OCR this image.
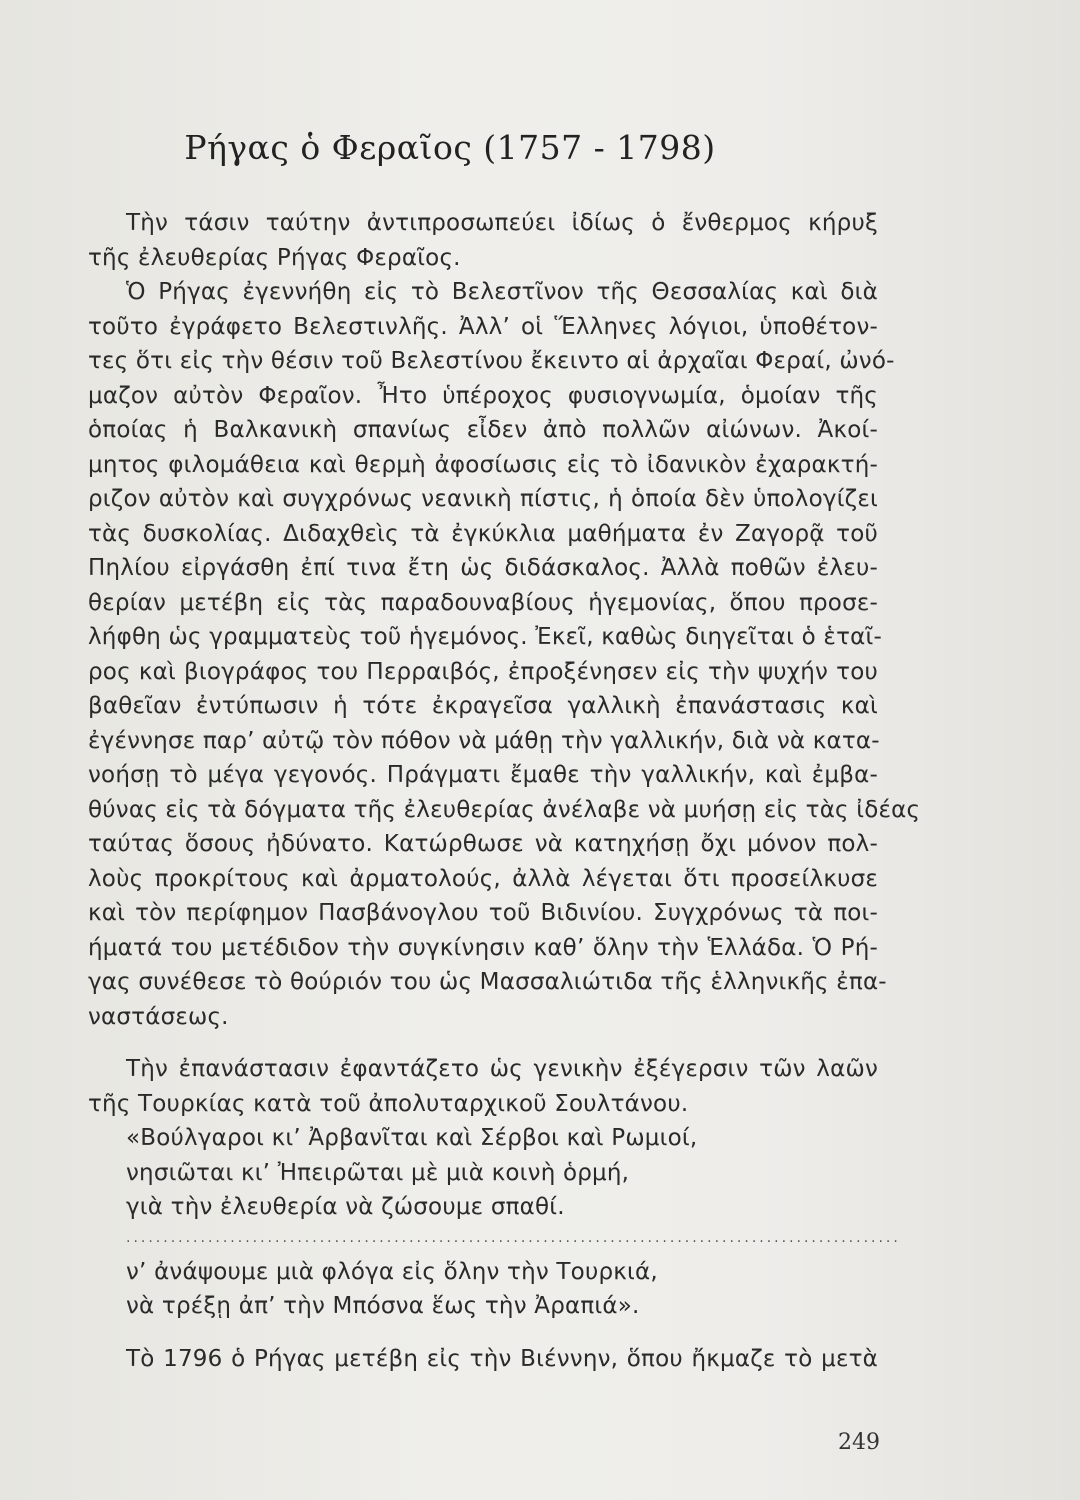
Ρήγας ὁ Φεραῖος (1757 - 1798)
Τὴν τάσιν ταύτην ἀντιπροσωπεύει ἰδίως ὁ ἔνθερμος κήρυξ
τῆς ἐλευθερίας Ρήγας Φεραῖος.
Ὁ Ρήγας ἐγεννήθη εἰς τὸ Βελεστῖνον τῆς Θεσσαλίας καὶ διὰ
τοῦτο ἐγράφετο Βελεστινλῆς. Ἀλλ’ οἱ Ἕλληνες λόγιοι, ὑποθέτον-
τες ὅτι εἰς τὴν θέσιν τοῦ Βελεστίνου ἔκειντο αἱ ἀρχαῖαι Φεραί, ὠνό-
μαζον αὐτὸν Φεραῖον. Ἦτο ὑπέροχος φυσιογνωμία, ὁμοίαν τῆς
ὁποίας ἡ Βαλκανικὴ σπανίως εἶδεν ἀπὸ πολλῶν αἰώνων. Ἀκοί-
μητος φιλομάθεια καὶ θερμὴ ἀφοσίωσις εἰς τὸ ἰδανικὸν ἐχαρακτή-
ριζον αὐτὸν καὶ συγχρόνως νεανικὴ πίστις, ἡ ὁποία δὲν ὑπολογίζει
τὰς δυσκολίας. Διδαχθεὶς τὰ ἐγκύκλια μαθήματα ἐν Ζαγορᾷ τοῦ
Πηλίου εἰργάσθη ἐπί τινα ἔτη ὡς διδάσκαλος. Ἀλλὰ ποθῶν ἐλευ-
θερίαν μετέβη εἰς τὰς παραδουναβίους ἡγεμονίας, ὅπου προσε-
λήφθη ὡς γραμματεὺς τοῦ ἡγεμόνος. Ἐκεῖ, καθὼς διηγεῖται ὁ ἑταῖ-
ρος καὶ βιογράφος του Περραιβός, ἐπροξένησεν εἰς τὴν ψυχήν του
βαθεῖαν ἐντύπωσιν ἡ τότε ἐκραγεῖσα γαλλικὴ ἐπανάστασις καὶ
ἐγέννησε παρ’ αὐτῷ τὸν πόθον νὰ μάθῃ τὴν γαλλικήν, διὰ νὰ κατα-
νοήσῃ τὸ μέγα γεγονός. Πράγματι ἔμαθε τὴν γαλλικήν, καὶ ἐμβα-
θύνας εἰς τὰ δόγματα τῆς ἐλευθερίας ἀνέλαβε νὰ μυήσῃ εἰς τὰς ἰδέας
ταύτας ὅσους ἠδύνατο. Κατώρθωσε νὰ κατηχήσῃ ὄχι μόνον πολ-
λοὺς προκρίτους καὶ ἀρματολούς, ἀλλὰ λέγεται ὅτι προσείλκυσε
καὶ τὸν περίφημον Πασβάνογλου τοῦ Βιδινίου. Συγχρόνως τὰ ποι-
ήματά του μετέδιδον τὴν συγκίνησιν καθ’ ὅλην τὴν Ἑλλάδα. Ὁ Ρή-
γας συνέθεσε τὸ θούριόν του ὡς Μασσαλιώτιδα τῆς ἑλληνικῆς ἐπα-
ναστάσεως.
Τὴν ἐπανάστασιν ἐφαντάζετο ὡς γενικὴν ἐξέγερσιν τῶν λαῶν
τῆς Τουρκίας κατὰ τοῦ ἀπολυταρχικοῦ Σουλτάνου.
«Βούλγαροι κι’ Ἀρβανῖται καὶ Σέρβοι καὶ Ρωμιοί,
νησιῶται κι’ Ἠπειρῶται μὲ μιὰ κοινὴ ὁρμή,
γιὰ τὴν ἐλευθερία νὰ ζώσουμε σπαθί.
........................................................................................................
ν’ ἀνάψουμε μιὰ φλόγα εἰς ὅλην τὴν Τουρκιά,
νὰ τρέξῃ ἀπ’ τὴν Μπόσνα ἕως τὴν Ἀραπιά».
Τὸ 1796 ὁ Ρήγας μετέβη εἰς τὴν Βιέννην, ὅπου ἤκμαζε τὸ μετὰ
249
